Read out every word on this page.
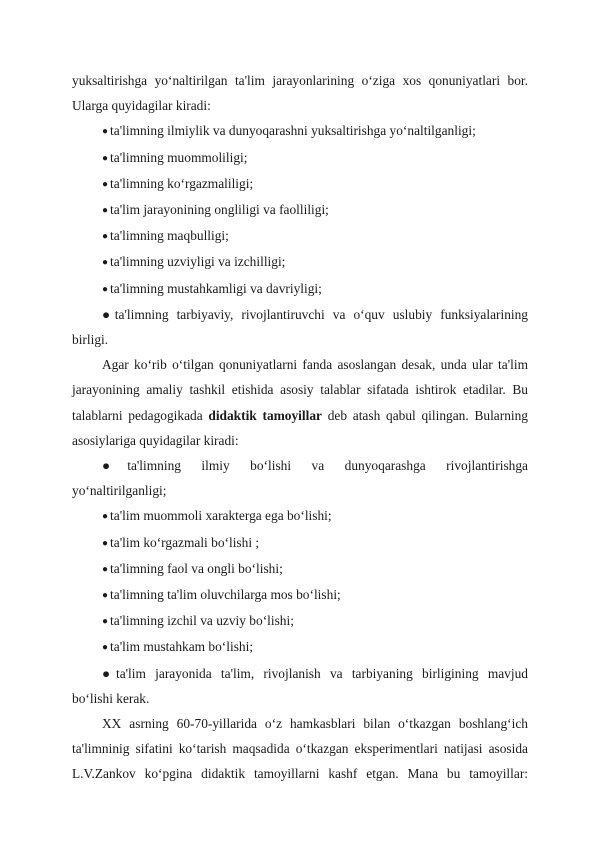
yuksaltirishga yo‘naltirilgan ta'lim jarayonlarining o‘ziga xos qonuniyatlari bor.

Ularga quyidagilar kiradi:

● ta'limning ilmiylik va dunyoqarashni yuksaltirishga yo‘naltilganligi;

● ta'limning muommoliligi;

● ta'limning ko‘rgazmaliligi;

● ta'lim jarayonining ongliligi va faolliligi;

● ta'limning maqbulligi;

● ta'limning uzviyligi va izchilligi;

● ta'limning mustahkamligi va davriyligi;

●ta'limning tarbiyaviy, rivojlantiruvchi va o‘quv uslubiy funksiyalarining

birligi.

Agar ko‘rib o‘tilgan qonuniyatlarni fanda asoslangan desak, unda ular ta'lim jarayonining amaliy tashkil etishida asosiy talablar sifatada ishtirok etadilar. Bu talablarni pedagogikada didaktik tamoyillar deb atash qabul qilingan. Bularning asosiylariga quyidagilar kiradi:

●ta'limning ilmiy bo‘lishi va dunyoqarashga rivojlantirishga

yo‘naltirilganligi;

● ta'lim muommoli xarakterga ega bo‘lishi;

● ta'lim ko‘rgazmali bo‘lishi ;

● ta'limning faol va ongli bo‘lishi;

● ta'limning ta'lim oluvchilarga mos bo‘lishi;

● ta'limning izchil va uzviy bo‘lishi;

● ta'lim mustahkam bo‘lishi;

●ta'lim jarayonida ta'lim, rivojlanish va tarbiyaning birligining mavjud

bo‘lishi kerak.

XX asrning 60-70-yillarida o‘z hamkasblari bilan o‘tkazgan boshlang‘ich ta'limninig sifatini ko‘tarish maqsadida o‘tkazgan eksperimentlari natijasi asosida L.V.Zankov ko‘pgina didaktik tamoyillarni kashf etgan. Mana bu tamoyillar:
